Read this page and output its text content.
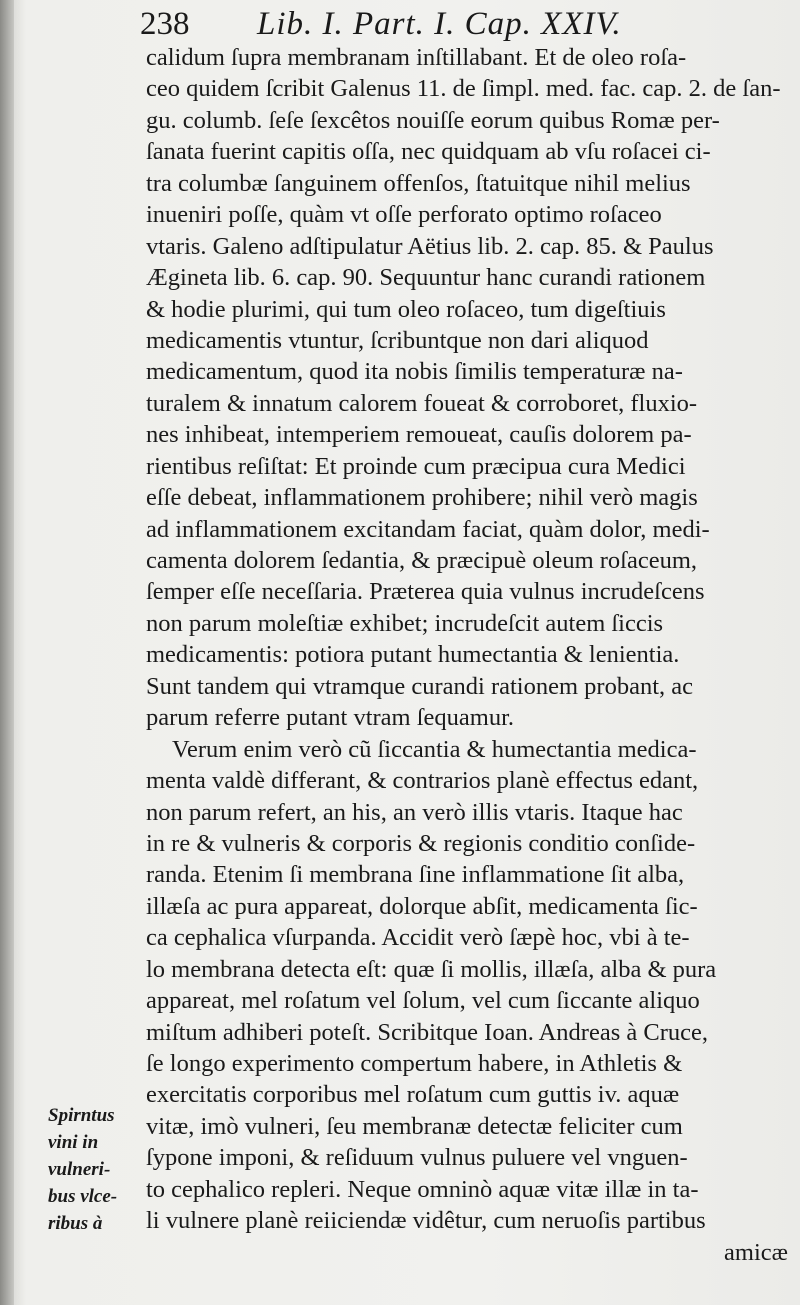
238 Lib. I. Part. I. Cap. XXIV.
calidum ſupra membranam inſtillabant. Et de oleo roſa-
ceo quidem ſcribit Galenus 11. de ſimpl. med. fac. cap. 2. de ſan-
gu. columb. ſeſe ſexcêtos nouiſſe eorum quibus Romæ per-
ſanata fuerint capitis oſſa, nec quidquam ab vſu roſacei ci-
tra columbæ ſanguinem offenſos, ſtatuitque nihil melius
inueniri poſſe, quàm vt oſſe perforato optimo roſaceo
vtaris. Galeno adſtipulatur Aëtius lib. 2. cap. 85. & Paulus
Ægineta lib. 6. cap. 90. Sequuntur hanc curandi rationem
& hodie plurimi, qui tum oleo roſaceo, tum digeſtiuis
medicamentis vtuntur, ſcribuntque non dari aliquod
medicamentum, quod ita nobis ſimilis temperaturæ na-
turalem & innatum calorem foueat & corroboret, fluxio-
nes inhibeat, intemperiem remoueat, cauſis dolorem pa-
rientibus reſiſtat: Et proinde cum præcipua cura Medici
eſſe debeat, inflammationem prohibere; nihil verò magis
ad inflammationem excitandam faciat, quàm dolor, medi-
camenta dolorem ſedantia, & præcipuè oleum roſaceum,
ſemper eſſe neceſſaria. Præterea quia vulnus incrudeſcens
non parum moleſtiæ exhibet; incrudeſcit autem ſiccis
medicamentis: potiora putant humectantia & lenientia.
Sunt tandem qui vtramque curandi rationem probant, ac
parum referre putant vtram ſequamur.
Verum enim verò cũ ſiccantia & humectantia medica-
menta valdè differant, & contrarios planè effectus edant,
non parum refert, an his, an verò illis vtaris. Itaque hac
in re & vulneris & corporis & regionis conditio conſide-
randa. Etenim ſi membrana ſine inflammatione ſit alba,
illæſa ac pura appareat, dolorque abſit, medicamenta ſic-
ca cephalica vſurpanda. Accidit verò ſæpè hoc, vbi à te-
lo membrana detecta eſt: quæ ſi mollis, illæſa, alba & pura
appareat, mel roſatum vel ſolum, vel cum ſiccante aliquo
miſtum adhiberi poteſt. Scribitque Ioan. Andreas à Cruce,
ſe longo experimento compertum habere, in Athletis &
exercitatis corporibus mel roſatum cum guttis iv. aquæ
vitæ, imò vulneri, ſeu membranæ detectæ feliciter cum
ſypone imponi, & reſiduum vulnus puluere vel vnguen-
to cephalico repleri. Neque omninò aquæ vitæ illæ in ta-
li vulnere planè reiiciendæ vidêtur, cum neruoſis partibus
amicæ
Spirntus
vini in
vulneri-
bus vlce-
ribus à
